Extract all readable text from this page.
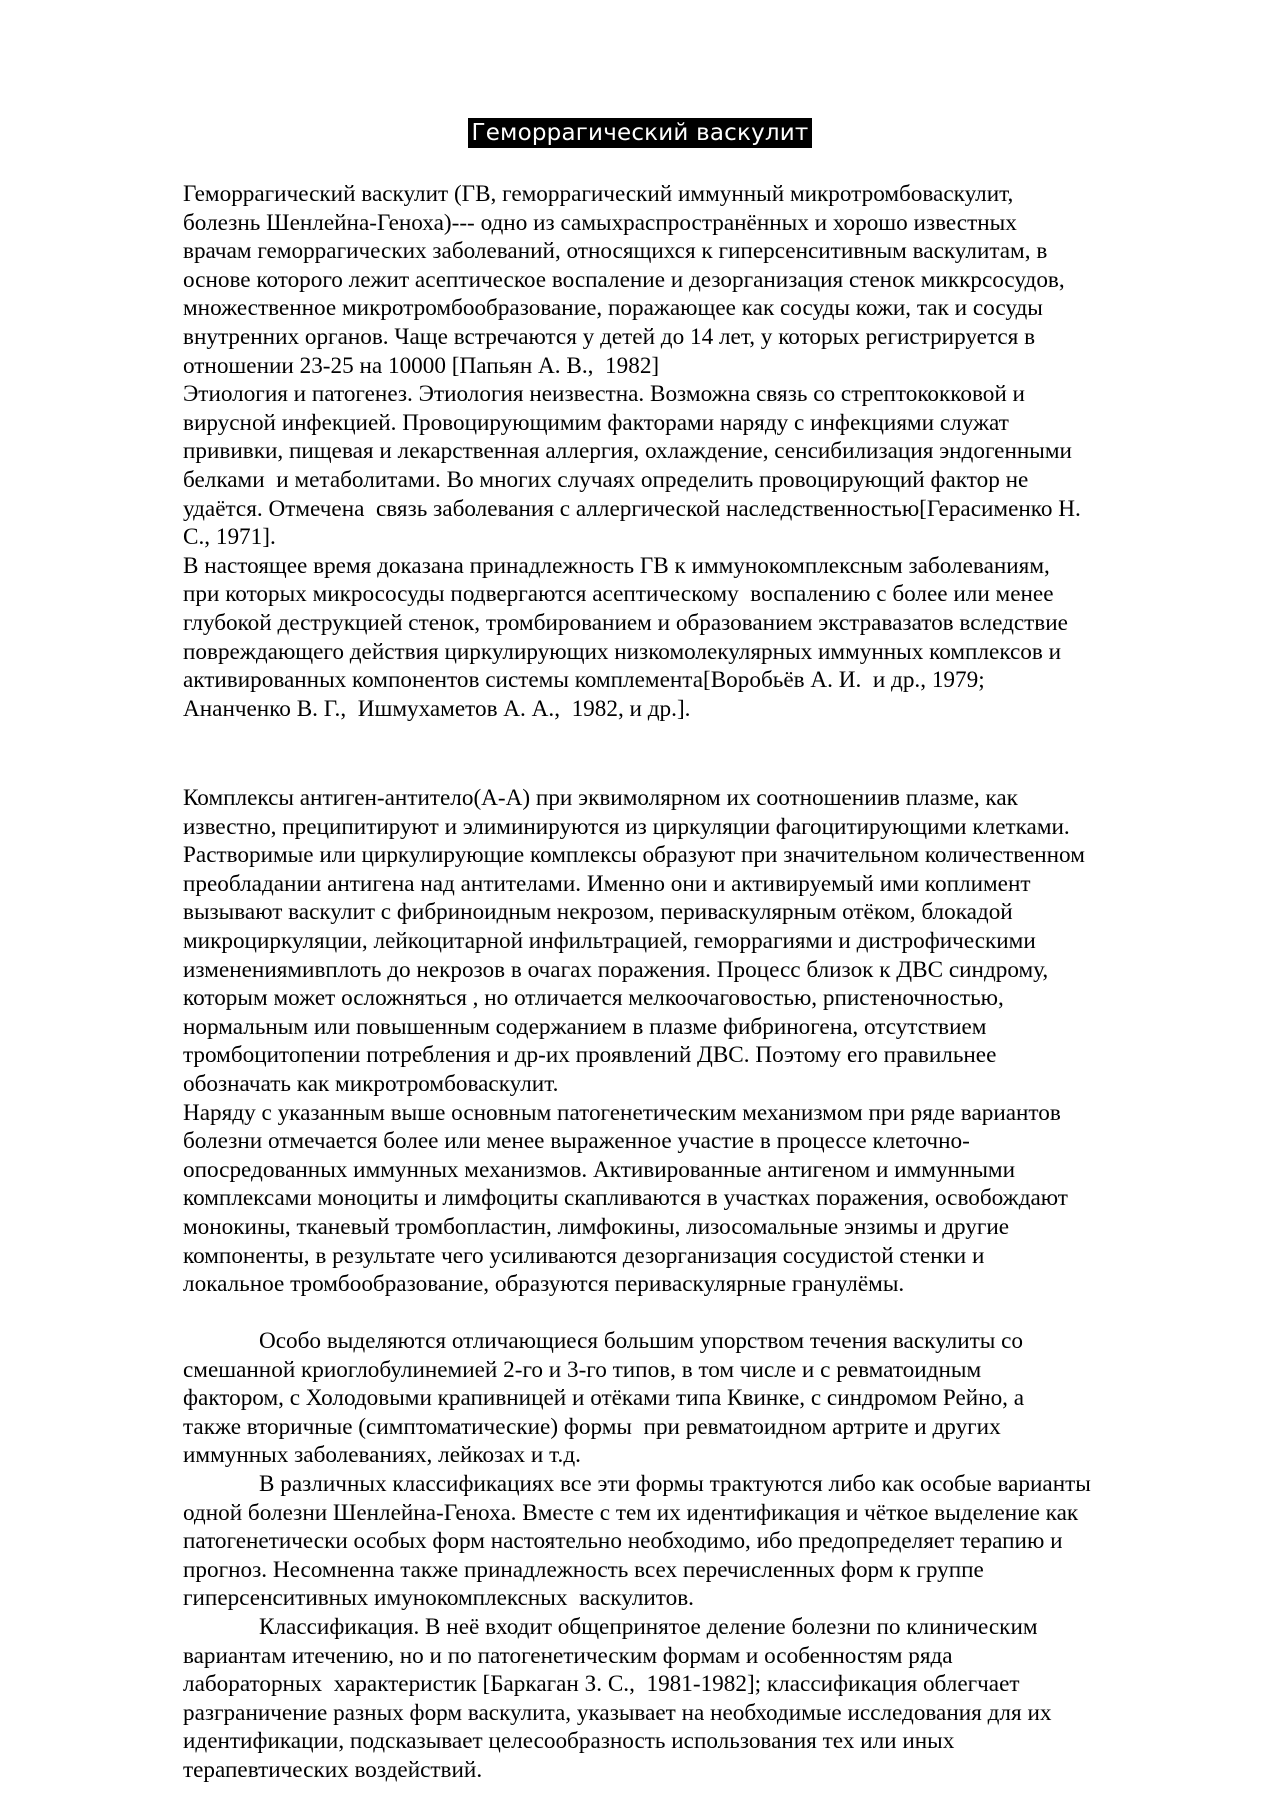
Геморрагический васкулит
Геморрагический васкулит (ГВ, геморрагический иммунный микротромбоваскулит,
болезнь Шенлейна-Геноха)--- одно из самыхраспространённых и хорошо известных
врачам геморрагических заболеваний, относящихся к гиперсенситивным васкулитам, в
основе которого лежит асептическое воспаление и дезорганизация стенок миккрсосудов,
множественное микротромбообразование, поражающее как сосуды кожи, так и сосуды
внутренних органов. Чаще встречаются у детей до 14 лет, у которых регистрируется в
отношении 23-25 на 10000 [Папьян А. В.,  1982]
Этиология и патогенез. Этиология неизвестна. Возможна связь со стрептококковой и
вирусной инфекцией. Провоцирующимим факторами наряду с инфекциями служат
прививки, пищевая и лекарственная аллергия, охлаждение, сенсибилизация эндогенными
белками  и метаболитами. Во многих случаях определить провоцирующий фактор не
удаётся. Отмечена  связь заболевания с аллергической наследственностью[Герасименко Н.
С., 1971].
В настоящее время доказана принадлежность ГВ к иммунокомплексным заболеваниям,
при которых микрососуды подвергаются асептическому  воспалению с более или менее
глубокой деструкцией стенок, тромбированием и образованием экстравазатов вследствие
повреждающего действия циркулирующих низкомолекулярных иммунных комплексов и
активированных компонентов системы комплемента[Воробьёв А. И.  и др., 1979;
Ананченко В. Г.,  Ишмухаметов А. А.,  1982, и др.].
Комплексы антиген-антитело(А-А) при эквимолярном их соотношениив плазме, как
известно, преципитируют и элиминируются из циркуляции фагоцитирующими клетками.
Растворимые или циркулирующие комплексы образуют при значительном количественном
преобладании антигена над антителами. Именно они и активируемый ими коплимент
вызывают васкулит с фибриноидным некрозом, периваскулярным отёком, блокадой
микроциркуляции, лейкоцитарной инфильтрацией, геморрагиями и дистрофическими
изменениямивплоть до некрозов в очагах поражения. Процесс близок к ДВС синдрому,
которым может осложняться , но отличается мелкоочаговостью, рпистеночностью,
нормальным или повышенным содержанием в плазме фибриногена, отсутствием
тромбоцитопении потребления и др-их проявлений ДВС. Поэтому его правильнее
обозначать как микротромбоваскулит.
Наряду с указанным выше основным патогенетическим механизмом при ряде вариантов
болезни отмечается более или менее выраженное участие в процессе клеточно-
опосредованных иммунных механизмов. Активированные антигеном и иммунными
комплексами моноциты и лимфоциты скапливаются в участках поражения, освобождают
монокины, тканевый тромбопластин, лимфокины, лизосомальные энзимы и другие
компоненты, в результате чего усиливаются дезорганизация сосудистой стенки и
локальное тромбообразование, образуются периваскулярные гранулёмы.
Особо выделяются отличающиеся большим упорством течения васкулиты со
смешанной криоглобулинемией 2-го и 3-го типов, в том числе и с ревматоидным
фактором, с Холодовыми крапивницей и отёками типа Квинке, с синдромом Рейно, а
также вторичные (симптоматические) формы  при ревматоидном артрите и других
иммунных заболеваниях, лейкозах и т.д.
В различных классификациях все эти формы трактуются либо как особые варианты
одной болезни Шенлейна-Геноха. Вместе с тем их идентификация и чёткое выделение как
патогенетически особых форм настоятельно необходимо, ибо предопределяет терапию и
прогноз. Несомненна также принадлежность всех перечисленных форм к группе
гиперсенситивных имунокомплексных  васкулитов.
Классификация. В неё входит общепринятое деление болезни по клиническим
вариантам итечению, но и по патогенетическим формам и особенностям ряда
лабораторных  характеристик [Баркаган З. С.,  1981-1982]; классификация облегчает
разграничение разных форм васкулита, указывает на необходимые исследования для их
идентификации, подсказывает целесообразность использования тех или иных
терапевтических воздействий.
